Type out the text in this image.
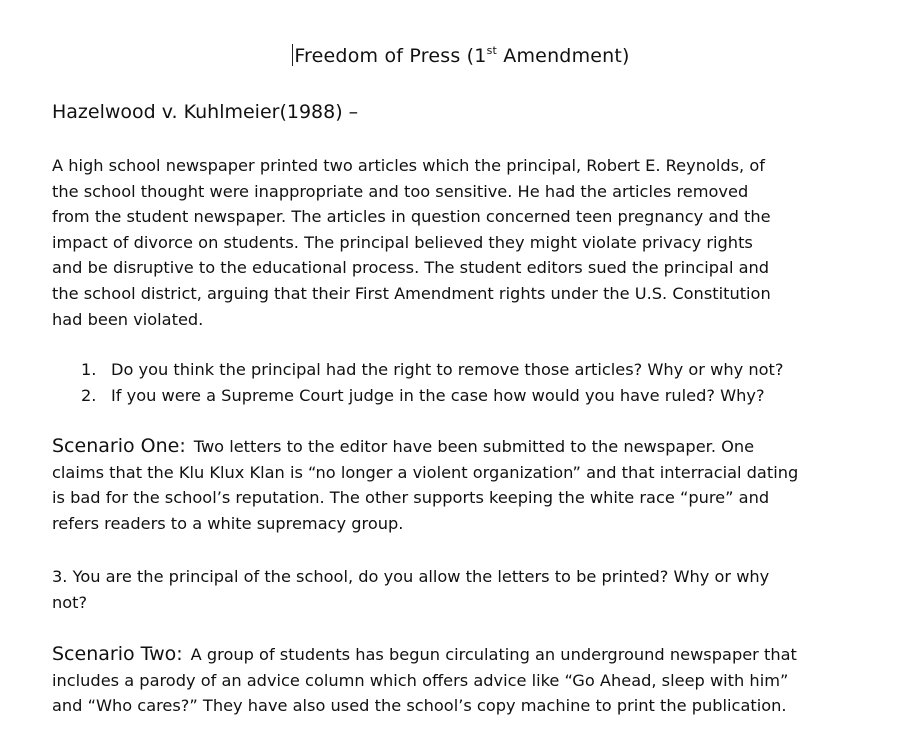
Freedom of Press (1st Amendment)
Hazelwood v. Kuhlmeier(1988) –

A high school newspaper printed two articles which the principal, Robert E. Reynolds, of
the school thought were inappropriate and too sensitive. He had the articles removed
from the student newspaper. The articles in question concerned teen pregnancy and the
impact of divorce on students. The principal believed they might violate privacy rights
and be disruptive to the educational process. The student editors sued the principal and
the school district, arguing that their First Amendment rights under the U.S. Constitution
had been violated.

1. Do you think the principal had the right to remove those articles? Why or why not?
2. If you were a Supreme Court judge in the case how would you have ruled? Why?

Scenario One: Two letters to the editor have been submitted to the newspaper. One
claims that the Klu Klux Klan is “no longer a violent organization” and that interracial dating
is bad for the school’s reputation. The other supports keeping the white race “pure” and
refers readers to a white supremacy group.

3. You are the principal of the school, do you allow the letters to be printed? Why or why
not?

Scenario Two: A group of students has begun circulating an underground newspaper that
includes a parody of an advice column which offers advice like “Go Ahead, sleep with him”
and “Who cares?” They have also used the school’s copy machine to print the publication.
